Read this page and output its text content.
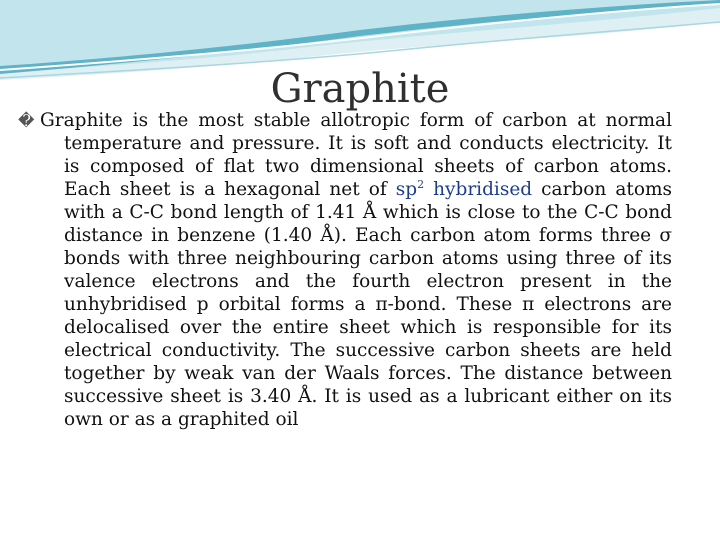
Graphite

� Graphite is the most stable allotropic form of carbon at normal temperature and pressure. It is soft and conducts electricity. It is composed of flat two dimensional sheets of carbon atoms. Each sheet is a hexagonal net of $sp^2$ hybridised carbon atoms with a C-C bond length of 1.41 Å which is close to the C-C bond distance in benzene (1.40 Å). Each carbon atom forms three σ bonds with three neighbouring carbon atoms using three of its valence electrons and the fourth electron present in the unhybridised p orbital forms a π-bond. These π electrons are delocalised over the entire sheet which is responsible for its electrical conductivity. The successive carbon sheets are held together by weak van der Waals forces. The distance between successive sheet is 3.40 Å. It is used as a lubricant either on its own or as a graphited oil
